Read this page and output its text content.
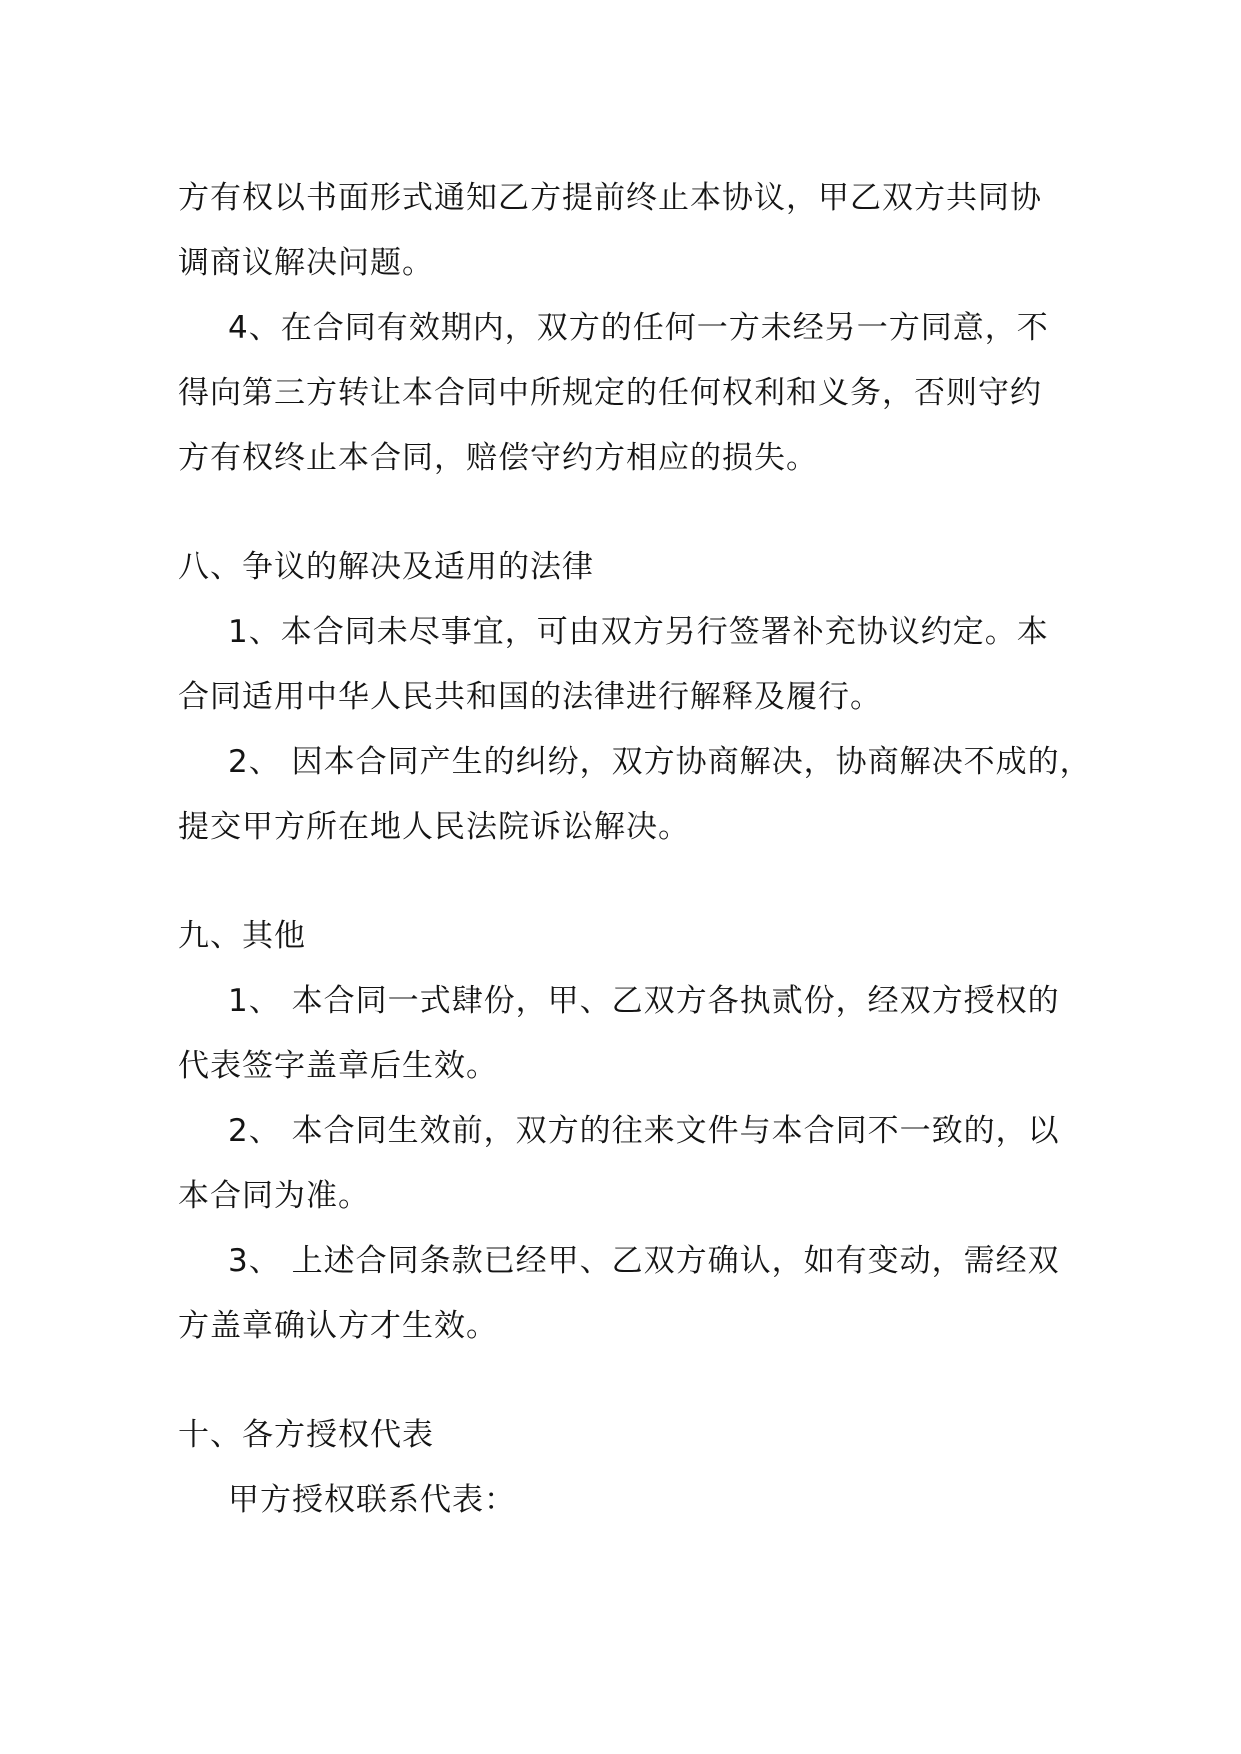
方有权以书面形式通知乙方提前终止本协议，甲乙双方共同协

调商议解决问题。

4、在合同有效期内，双方的任何一方未经另一方同意，不

得向第三方转让本合同中所规定的任何权利和义务，否则守约

方有权终止本合同，赔偿守约方相应的损失。

八、争议的解决及适用的法律

1、本合同未尽事宜，可由双方另行签署补充协议约定。本

合同适用中华人民共和国的法律进行解释及履行。

2、 因本合同产生的纠纷，双方协商解决，协商解决不成的，

提交甲方所在地人民法院诉讼解决。

九、其他

1、 本合同一式肆份，甲、乙双方各执贰份，经双方授权的

代表签字盖章后生效。

2、 本合同生效前，双方的往来文件与本合同不一致的，以

本合同为准。

3、 上述合同条款已经甲、乙双方确认，如有变动，需经双

方盖章确认方才生效。

十、各方授权代表

甲方授权联系代表：
